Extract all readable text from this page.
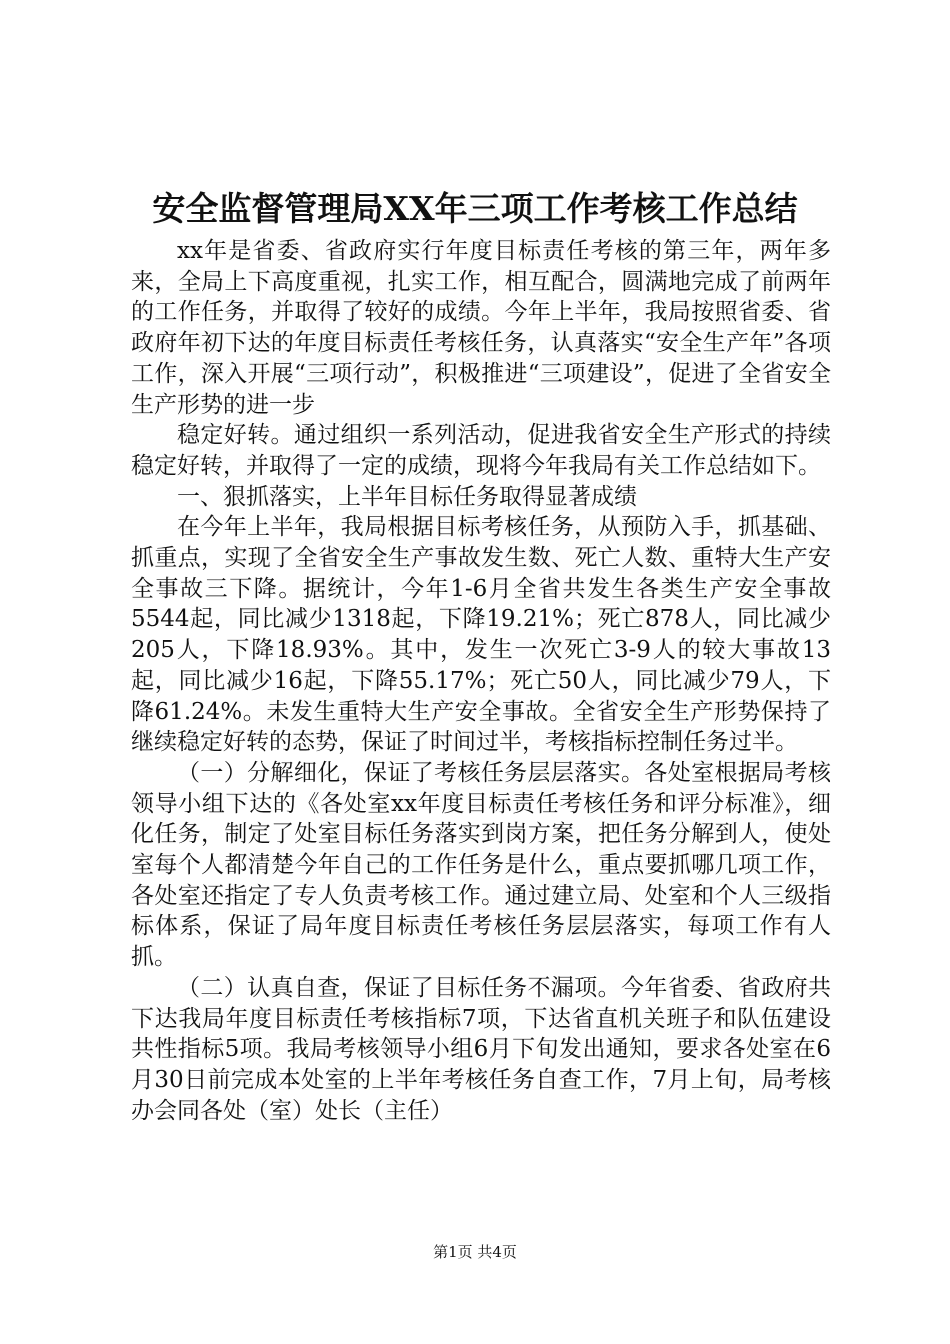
安全监督管理局XX年三项工作考核工作总结

xx年是省委、省政府实行年度目标责任考核的第三年，两年多来，全局上下高度重视，扎实工作，相互配合，圆满地完成了前两年的工作任务，并取得了较好的成绩。今年上半年，我局按照省委、省政府年初下达的年度目标责任考核任务，认真落实“安全生产年”各项工作，深入开展“三项行动”，积极推进“三项建设”，促进了全省安全生产形势的进一步

稳定好转。通过组织一系列活动，促进我省安全生产形式的持续稳定好转，并取得了一定的成绩，现将今年我局有关工作总结如下。

一、狠抓落实，上半年目标任务取得显著成绩

在今年上半年，我局根据目标考核任务，从预防入手，抓基础、抓重点，实现了全省安全生产事故发生数、死亡人数、重特大生产安全事故三下降。据统计，今年1-6月全省共发生各类生产安全事故5544起，同比减少1318起，下降19.21%；死亡878人，同比减少205人，下降18.93%。其中，发生一次死亡3-9人的较大事故13起，同比减少16起，下降55.17%；死亡50人，同比减少79人，下降61.24%。未发生重特大生产安全事故。全省安全生产形势保持了继续稳定好转的态势，保证了时间过半，考核指标控制任务过半。

（一）分解细化，保证了考核任务层层落实。各处室根据局考核领导小组下达的《各处室xx年度目标责任考核任务和评分标准》，细化任务，制定了处室目标任务落实到岗方案，把任务分解到人，使处室每个人都清楚今年自己的工作任务是什么，重点要抓哪几项工作，各处室还指定了专人负责考核工作。通过建立局、处室和个人三级指标体系，保证了局年度目标责任考核任务层层落实，每项工作有人抓。

（二）认真自查，保证了目标任务不漏项。今年省委、省政府共下达我局年度目标责任考核指标7项，下达省直机关班子和队伍建设共性指标5项。我局考核领导小组6月下旬发出通知，要求各处室在6月30日前完成本处室的上半年考核任务自查工作，7月上旬，局考核办会同各处（室）处长（主任）

第1页 共4页
